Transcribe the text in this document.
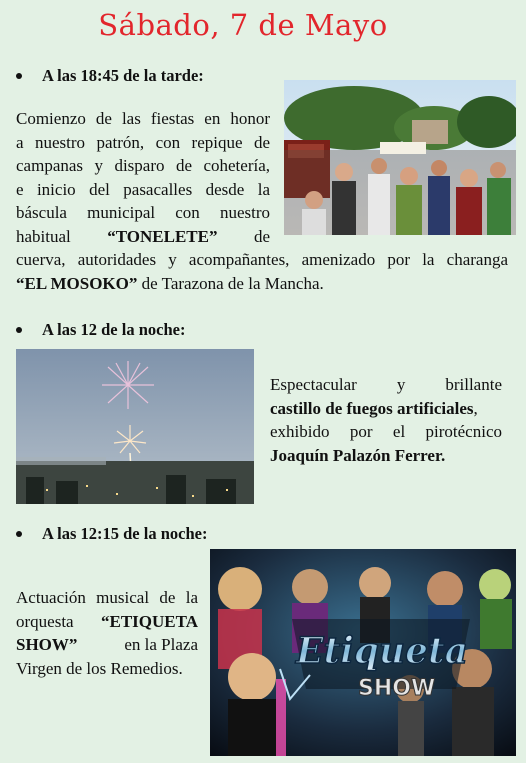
Sábado, 7 de Mayo
A las 18:45 de la tarde:
Comienzo de las fiestas en honor
a nuestro patrón, con repique de
campanas y disparo de cohetería,
e inicio del pasacalles desde la
báscula municipal con nuestro
habitual “TONELETE” de
cuerva, autoridades y acompañantes, amenizado por la charanga
“EL MOSOKO” de Tarazona de la Mancha.
A las 12 de la noche:
Espectacular y brillante
castillo de fuegos artificiales,
exhibido por el pirotécnico
Joaquín Palazón Ferrer.
A las 12:15 de la noche:
Actuación musical de la
orquesta “ETIQUETA
SHOW”	en la Plaza
Virgen de los Remedios.	Etiqueta
SHOW
